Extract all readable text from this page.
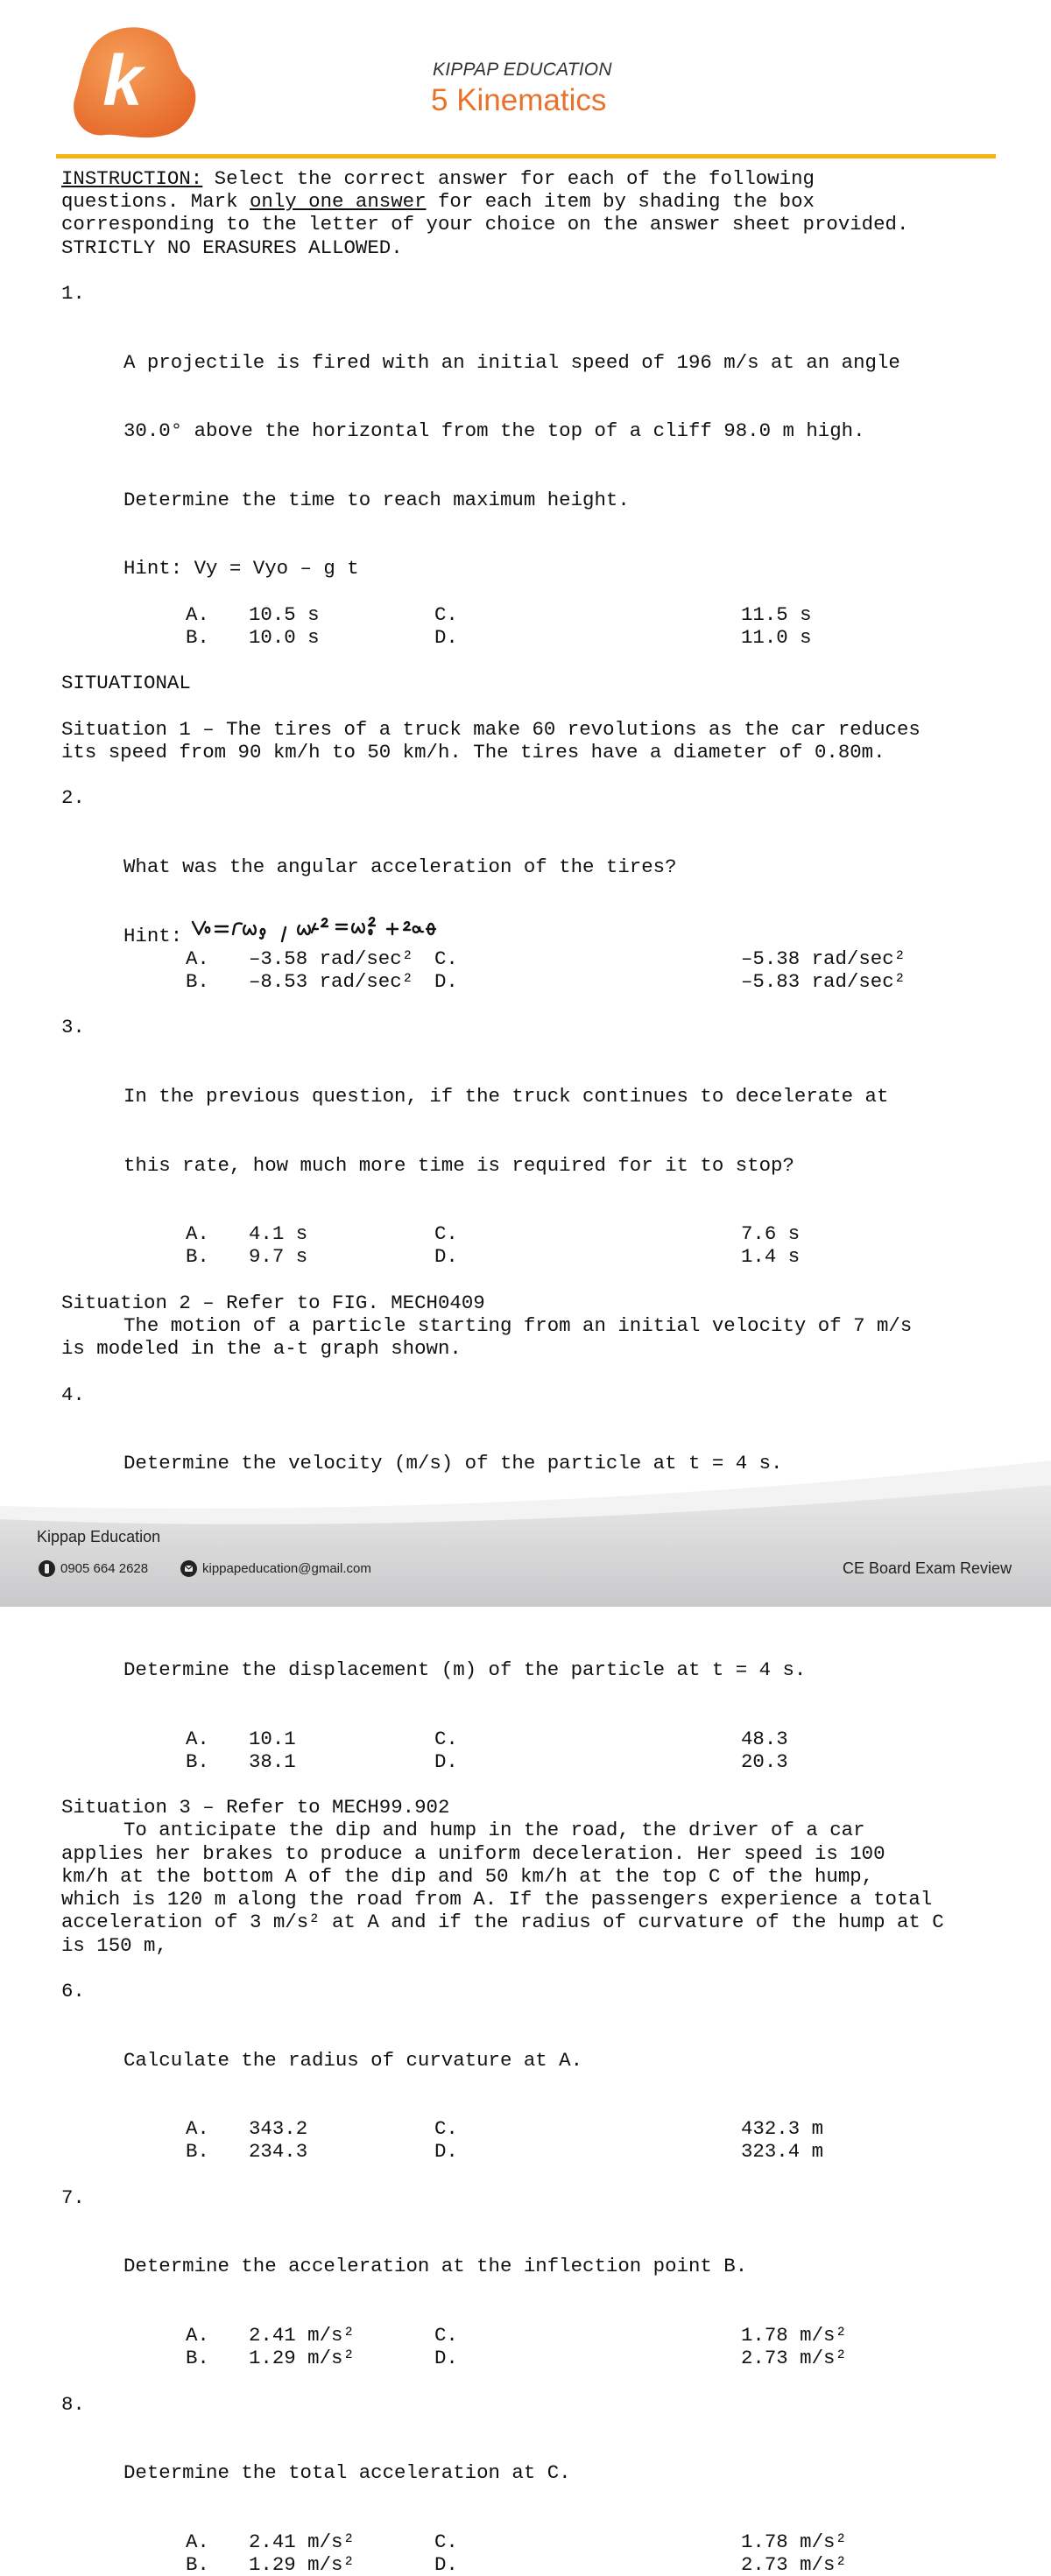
k	KIPPAP EDUCATION
5 Kinematics
INSTRUCTION: Select the correct answer for each of the following
questions. Mark only one answer for each item by shading the box
corresponding to the letter of your choice on the answer sheet provided.
STRICTLY NO ERASURES ALLOWED.

1.

A projectile is fired with an initial speed of 196 m/s at an angle

30.0° above the horizontal from the top of a cliff 98.0 m high.

Determine the time to reach maximum height.

Hint: Vy = Vyo – g t

A.	10.5 s	C.	11.5 s
B.	10.0 s	D.	11.0 s
SITUATIONAL
Situation 1 – The tires of a truck make 60 revolutions as the car reduces
its speed from 90 km/h to 50 km/h. The tires have a diameter of 0.80m.

2.

What was the angular acceleration of the tires?

Hint:
A.	–3.58 rad/sec²	C.	–5.38 rad/sec²
B.	–8.53 rad/sec²	D.	–5.83 rad/sec²

3.

In the previous question, if the truck continues to decelerate at

this rate, how much more time is required for it to stop?

A.	4.1 s	C.	7.6 s
B.	9.7 s	D.	1.4 s
Situation 2 – Refer to FIG. MECH0409
The motion of a particle starting from an initial velocity of 7 m/s
is modeled in the a-t graph shown.

4.

Determine the velocity (m/s) of the particle at t = 4 s.

Determine the displacement (m) of the particle at t = 4 s.

A.	10.1	C.	48.3
B.	38.1	D.	20.3
Situation 3 – Refer to MECH99.902
To anticipate the dip and hump in the road, the driver of a car
applies her brakes to produce a uniform deceleration. Her speed is 100
km/h at the bottom A of the dip and 50 km/h at the top C of the hump,
which is 120 m along the road from A. If the passengers experience a total
acceleration of 3 m/s² at A and if the radius of curvature of the hump at C
is 150 m,

6.

Calculate the radius of curvature at A.

A.	343.2	C.	432.3 m
B.	234.3	D.	323.4 m

7.

Determine the acceleration at the inflection point B.

A.	2.41 m/s²	C.	1.78 m/s²
B.	1.29 m/s²	D.	2.73 m/s²

8.

Determine the total acceleration at C.

A.	2.41 m/s²	C.	1.78 m/s²
B.	1.29 m/s²	D.	2.73 m/s²
Kippap Education
0905 664 2628	kippapeducation@gmail.com	CE Board Exam Review
